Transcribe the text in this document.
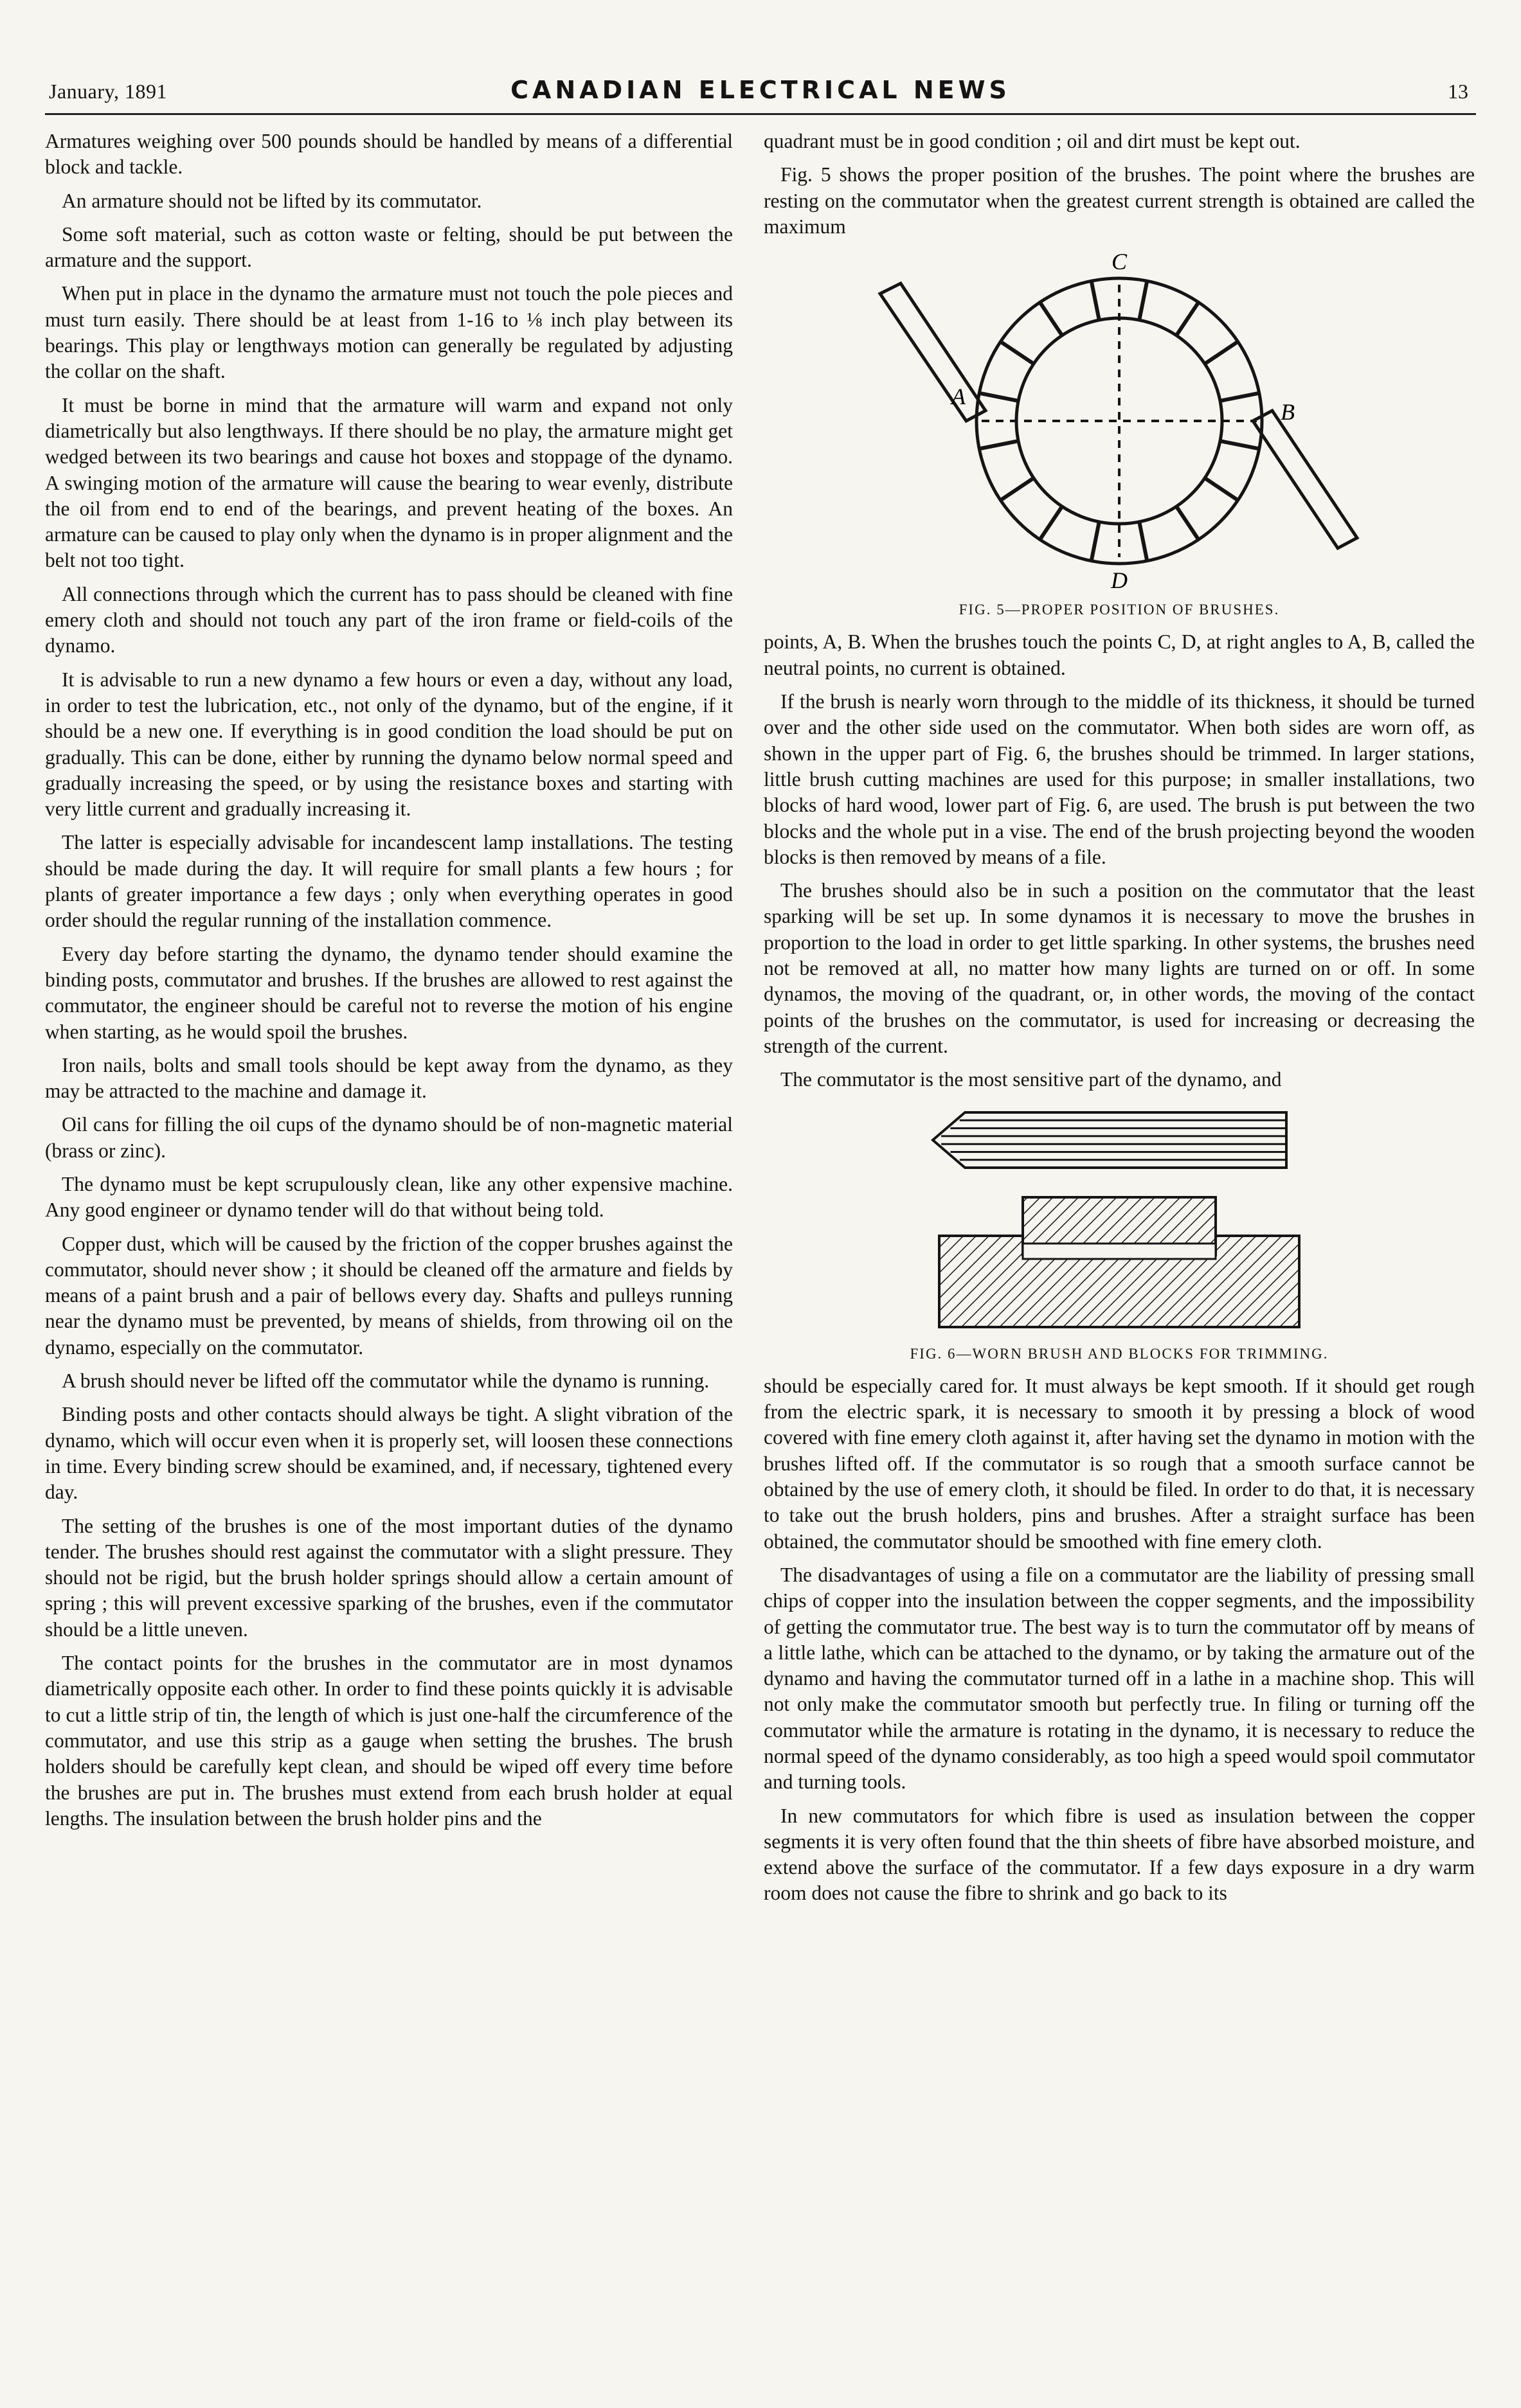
January, 1891	CANADIAN ELECTRICAL NEWS	13

Armatures weighing over 500 pounds should be handled by means of a differential block and tackle.

An armature should not be lifted by its commutator.

Some soft material, such as cotton waste or felting, should be put between the armature and the support.

When put in place in the dynamo the armature must not touch the pole pieces and must turn easily. There should be at least from 1-16 to ⅛ inch play between its bearings. This play or lengthways motion can generally be regulated by adjusting the collar on the shaft.

It must be borne in mind that the armature will warm and expand not only diametrically but also lengthways. If there should be no play, the armature might get wedged between its two bearings and cause hot boxes and stoppage of the dynamo. A swinging motion of the armature will cause the bearing to wear evenly, distribute the oil from end to end of the bearings, and prevent heating of the boxes. An armature can be caused to play only when the dynamo is in proper alignment and the belt not too tight.

All connections through which the current has to pass should be cleaned with fine emery cloth and should not touch any part of the iron frame or field-coils of the dynamo.

It is advisable to run a new dynamo a few hours or even a day, without any load, in order to test the lubrication, etc., not only of the dynamo, but of the engine, if it should be a new one. If everything is in good condition the load should be put on gradually. This can be done, either by running the dynamo below normal speed and gradually increasing the speed, or by using the resistance boxes and starting with very little current and gradually increasing it.

The latter is especially advisable for incandescent lamp installations. The testing should be made during the day. It will require for small plants a few hours ; for plants of greater importance a few days ; only when everything operates in good order should the regular running of the installation commence.

Every day before starting the dynamo, the dynamo tender should examine the binding posts, commutator and brushes. If the brushes are allowed to rest against the commutator, the engineer should be careful not to reverse the motion of his engine when starting, as he would spoil the brushes.

Iron nails, bolts and small tools should be kept away from the dynamo, as they may be attracted to the machine and damage it.

Oil cans for filling the oil cups of the dynamo should be of non-magnetic material (brass or zinc).

The dynamo must be kept scrupulously clean, like any other expensive machine. Any good engineer or dynamo tender will do that without being told.

Copper dust, which will be caused by the friction of the copper brushes against the commutator, should never show ; it should be cleaned off the armature and fields by means of a paint brush and a pair of bellows every day. Shafts and pulleys running near the dynamo must be prevented, by means of shields, from throwing oil on the dynamo, especially on the commutator.

A brush should never be lifted off the commutator while the dynamo is running.

Binding posts and other contacts should always be tight. A slight vibration of the dynamo, which will occur even when it is properly set, will loosen these connections in time. Every binding screw should be examined, and, if necessary, tightened every day.

The setting of the brushes is one of the most important duties of the dynamo tender. The brushes should rest against the commutator with a slight pressure. They should not be rigid, but the brush holder springs should allow a certain amount of spring ; this will prevent excessive sparking of the brushes, even if the commutator should be a little uneven.

The contact points for the brushes in the commutator are in most dynamos diametrically opposite each other. In order to find these points quickly it is advisable to cut a little strip of tin, the length of which is just one-half the circumference of the commutator, and use this strip as a gauge when setting the brushes. The brush holders should be carefully kept clean, and should be wiped off every time before the brushes are put in. The brushes must extend from each brush holder at equal lengths. The insulation between the brush holder pins and the

quadrant must be in good condition ; oil and dirt must be kept out.

Fig. 5 shows the proper position of the brushes. The point where the brushes are resting on the commutator when the greatest current strength is obtained are called the maximum

C
A
B
D
FIG. 5—PROPER POSITION OF BRUSHES.

points, A, B. When the brushes touch the points C, D, at right angles to A, B, called the neutral points, no current is obtained.

If the brush is nearly worn through to the middle of its thickness, it should be turned over and the other side used on the commutator. When both sides are worn off, as shown in the upper part of Fig. 6, the brushes should be trimmed. In larger stations, little brush cutting machines are used for this purpose; in smaller installations, two blocks of hard wood, lower part of Fig. 6, are used. The brush is put between the two blocks and the whole put in a vise. The end of the brush projecting beyond the wooden blocks is then removed by means of a file.

The brushes should also be in such a position on the commutator that the least sparking will be set up. In some dynamos it is necessary to move the brushes in proportion to the load in order to get little sparking. In other systems, the brushes need not be removed at all, no matter how many lights are turned on or off. In some dynamos, the moving of the quadrant, or, in other words, the moving of the contact points of the brushes on the commutator, is used for increasing or decreasing the strength of the current.

The commutator is the most sensitive part of the dynamo, and

FIG. 6—WORN BRUSH AND BLOCKS FOR TRIMMING.

should be especially cared for. It must always be kept smooth. If it should get rough from the electric spark, it is necessary to smooth it by pressing a block of wood covered with fine emery cloth against it, after having set the dynamo in motion with the brushes lifted off. If the commutator is so rough that a smooth surface cannot be obtained by the use of emery cloth, it should be filed. In order to do that, it is necessary to take out the brush holders, pins and brushes. After a straight surface has been obtained, the commutator should be smoothed with fine emery cloth.

The disadvantages of using a file on a commutator are the liability of pressing small chips of copper into the insulation between the copper segments, and the impossibility of getting the commutator true. The best way is to turn the commutator off by means of a little lathe, which can be attached to the dynamo, or by taking the armature out of the dynamo and having the commutator turned off in a lathe in a machine shop. This will not only make the commutator smooth but perfectly true. In filing or turning off the commutator while the armature is rotating in the dynamo, it is necessary to reduce the normal speed of the dynamo considerably, as too high a speed would spoil commutator and turning tools.

In new commutators for which fibre is used as insulation between the copper segments it is very often found that the thin sheets of fibre have absorbed moisture, and extend above the surface of the commutator. If a few days exposure in a dry warm room does not cause the fibre to shrink and go back to its
